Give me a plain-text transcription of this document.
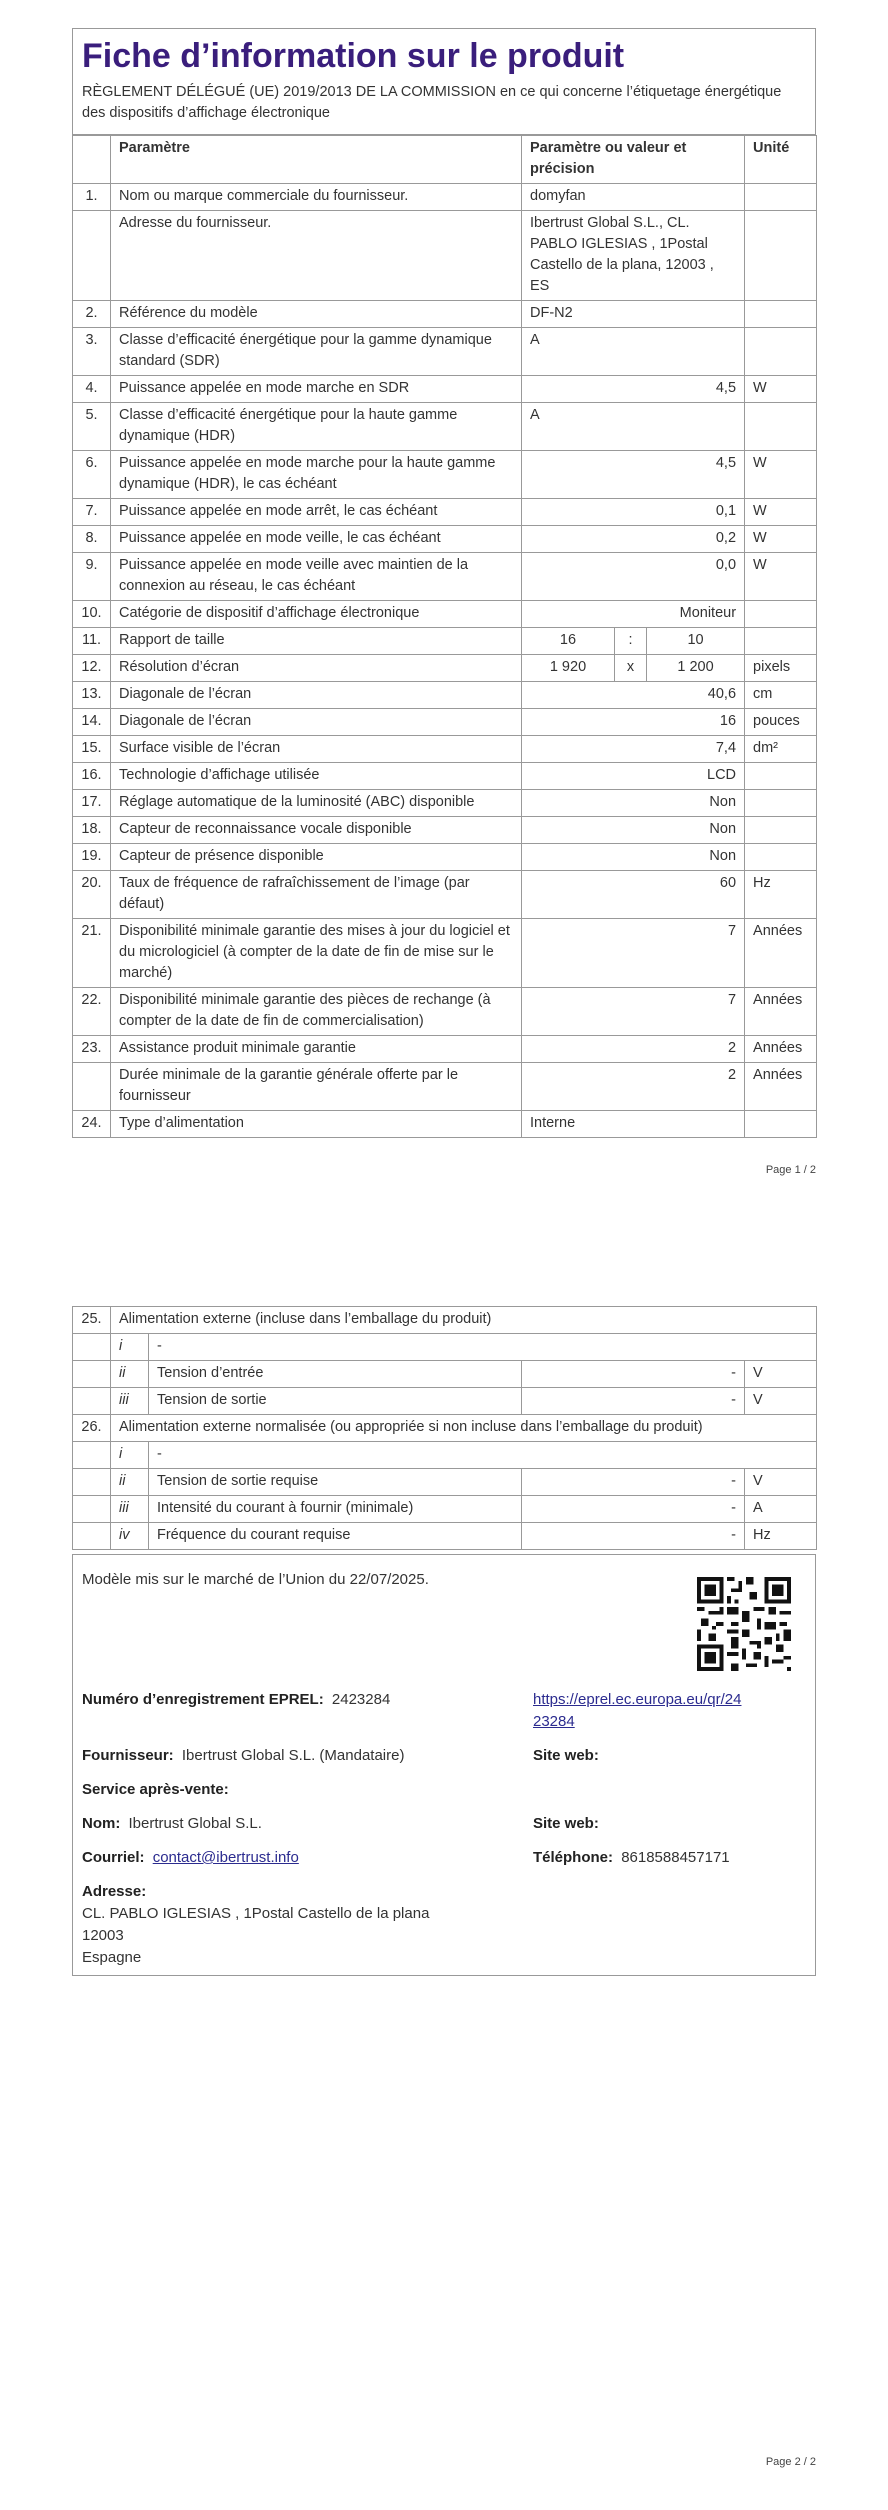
Fiche d’information sur le produit
RÈGLEMENT DÉLÉGUÉ (UE) 2019/2013 DE LA COMMISSION en ce qui concerne l’étiquetage énergétique des dispositifs d’affichage électronique
	Paramètre	Paramètre ou valeur et précision			Unité
1.	Nom ou marque commerciale du fournisseur.	domyfan			
	Adresse du fournisseur.	Ibertrust Global S.L., CL. PABLO IGLESIAS , 1Postal Castello de la plana, 12003 , ES			
2.	Référence du modèle	DF-N2			
3.	Classe d’efficacité énergétique pour la gamme dynamique standard (SDR)	A			
4.	Puissance appelée en mode marche en SDR	4,5			W
5.	Classe d’efficacité énergétique pour la haute gamme dynamique (HDR)	A			
6.	Puissance appelée en mode marche pour la haute gamme dynamique (HDR), le cas échéant	4,5			W
7.	Puissance appelée en mode arrêt, le cas échéant	0,1			W
8.	Puissance appelée en mode veille, le cas échéant	0,2			W
9.	Puissance appelée en mode veille avec maintien de la connexion au réseau, le cas échéant	0,0			W
10.	Catégorie de dispositif d’affichage électronique	Moniteur			
11.	Rapport de taille	16	:	10	
12.	Résolution d’écran	1 920	x	1 200	pixels
13.	Diagonale de l’écran	40,6			cm
14.	Diagonale de l’écran	16			pouces
15.	Surface visible de l’écran	7,4			dm²
16.	Technologie d’affichage utilisée	LCD			
17.	Réglage automatique de la luminosité (ABC) disponible	Non			
18.	Capteur de reconnaissance vocale disponible	Non			
19.	Capteur de présence disponible	Non			
20.	Taux de fréquence de rafraîchissement de l’image (par défaut)	60			Hz
21.	Disponibilité minimale garantie des mises à jour du logiciel et du micrologiciel (à compter de la date de fin de mise sur le marché)	7			Années
22.	Disponibilité minimale garantie des pièces de rechange (à compter de la date de fin de commercialisation)	7			Années
23.	Assistance produit minimale garantie	2			Années
	Durée minimale de la garantie générale offerte par le fournisseur	2			Années
24.	Type d’alimentation	Interne			
Page 1 / 2
25.	Alimentation externe (incluse dans l’emballage du produit)			
	i	-		
	ii	Tension d’entrée	-	V
	iii	Tension de sortie	-	V
26.	Alimentation externe normalisée (ou appropriée si non incluse dans l’emballage du produit)			
	i	-		
	ii	Tension de sortie requise	-	V
	iii	Intensité du courant à fournir (minimale)	-	A
	iv	Fréquence du courant requise	-	Hz
Modèle mis sur le marché de l’Union du 22/07/2025.
Numéro d’enregistrement EPREL: 2423284	https://eprel.ec.europa.eu/qr/24
23284
Fournisseur: Ibertrust Global S.L. (Mandataire)	Site web:
Service après-vente:
Nom: Ibertrust Global S.L.	Site web:
Courriel: contact@ibertrust.info	Téléphone: 8618588457171
Adresse:
CL. PABLO IGLESIAS , 1Postal Castello de la plana
12003
Espagne
Page 2 / 2
